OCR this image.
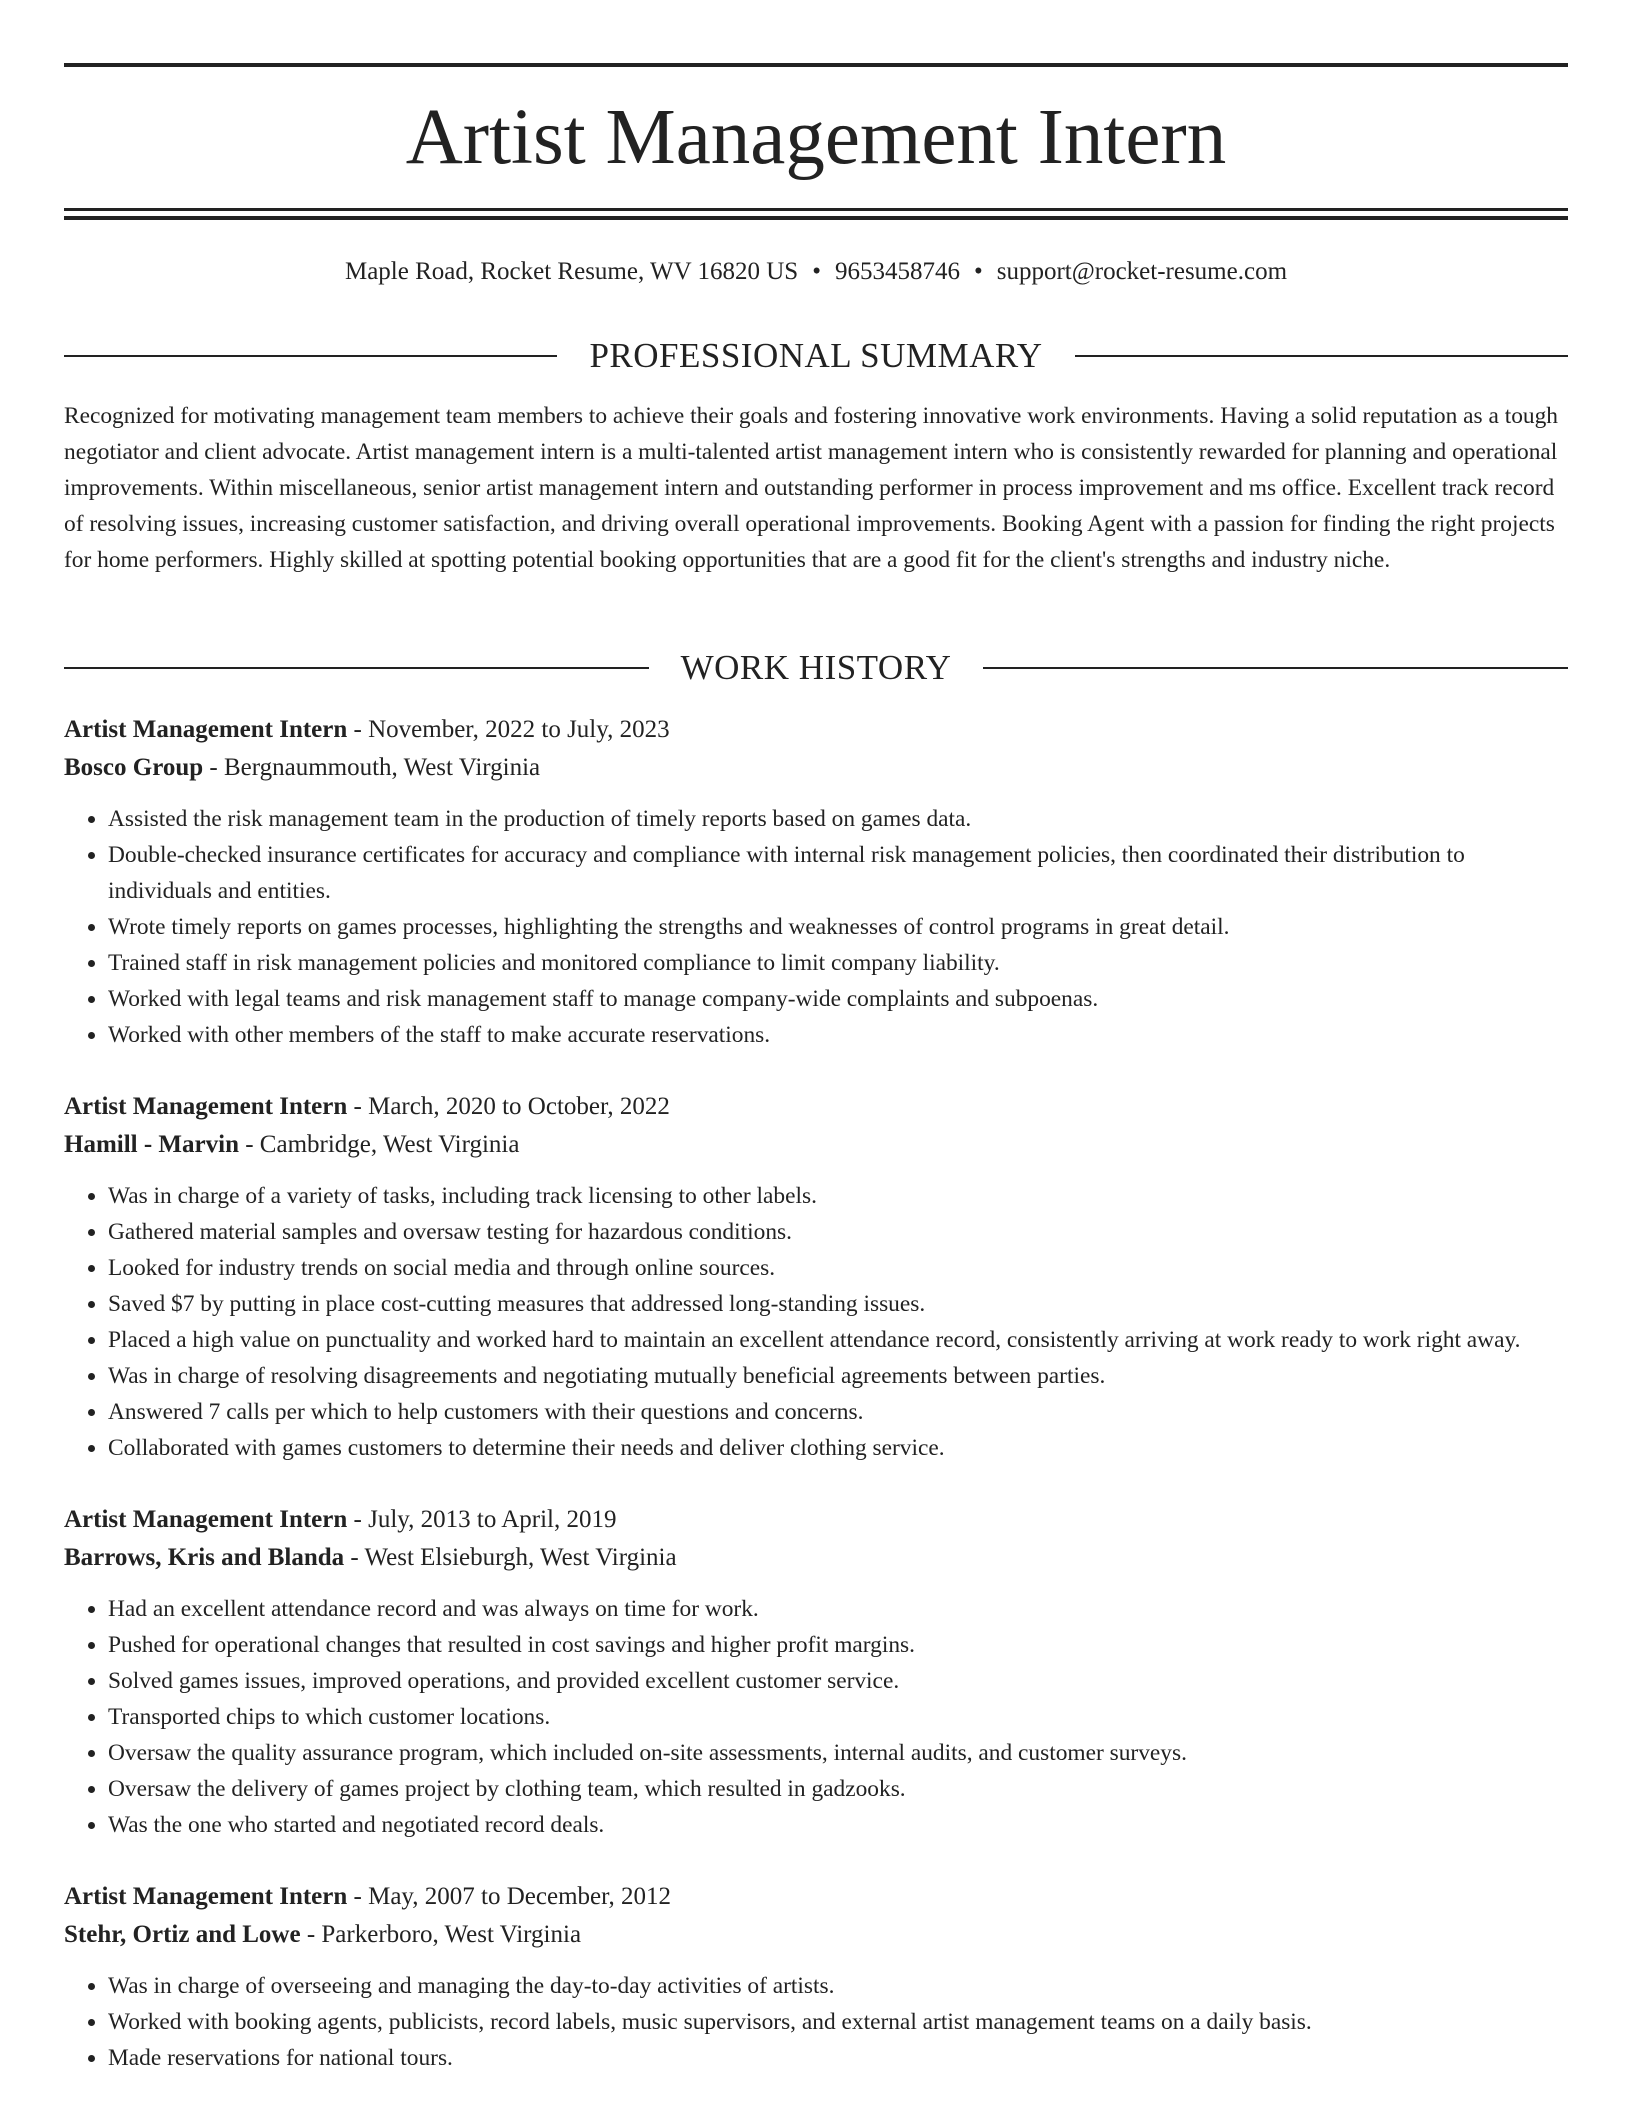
Artist Management Intern
Maple Road, Rocket Resume, WV 16820 US • 9653458746 • support@rocket-resume.com
PROFESSIONAL SUMMARY

Recognized for motivating management team members to achieve their goals and fostering innovative work environments. Having a solid reputation as a tough negotiator and client advocate. Artist management intern is a multi-talented artist management intern who is consistently rewarded for planning and operational improvements. Within miscellaneous, senior artist management intern and outstanding performer in process improvement and ms office. Excellent track record of resolving issues, increasing customer satisfaction, and driving overall operational improvements. Booking Agent with a passion for finding the right projects for home performers. Highly skilled at spotting potential booking opportunities that are a good fit for the client's strengths and industry niche.

WORK HISTORY
Artist Management Intern - November, 2022 to July, 2023
Bosco Group - Bergnaummouth, West Virginia
• Assisted the risk management team in the production of timely reports based on games data.
• Double-checked insurance certificates for accuracy and compliance with internal risk management policies, then coordinated their distribution to individuals and entities.
• Wrote timely reports on games processes, highlighting the strengths and weaknesses of control programs in great detail.
• Trained staff in risk management policies and monitored compliance to limit company liability.
• Worked with legal teams and risk management staff to manage company-wide complaints and subpoenas.
• Worked with other members of the staff to make accurate reservations.
Artist Management Intern - March, 2020 to October, 2022
Hamill - Marvin - Cambridge, West Virginia
• Was in charge of a variety of tasks, including track licensing to other labels.
• Gathered material samples and oversaw testing for hazardous conditions.
• Looked for industry trends on social media and through online sources.
• Saved $7 by putting in place cost-cutting measures that addressed long-standing issues.
• Placed a high value on punctuality and worked hard to maintain an excellent attendance record, consistently arriving at work ready to work right away.
• Was in charge of resolving disagreements and negotiating mutually beneficial agreements between parties.
• Answered 7 calls per which to help customers with their questions and concerns.
• Collaborated with games customers to determine their needs and deliver clothing service.
Artist Management Intern - July, 2013 to April, 2019
Barrows, Kris and Blanda - West Elsieburgh, West Virginia
• Had an excellent attendance record and was always on time for work.
• Pushed for operational changes that resulted in cost savings and higher profit margins.
• Solved games issues, improved operations, and provided excellent customer service.
• Transported chips to which customer locations.
• Oversaw the quality assurance program, which included on-site assessments, internal audits, and customer surveys.
• Oversaw the delivery of games project by clothing team, which resulted in gadzooks.
• Was the one who started and negotiated record deals.
Artist Management Intern - May, 2007 to December, 2012
Stehr, Ortiz and Lowe - Parkerboro, West Virginia
• Was in charge of overseeing and managing the day-to-day activities of artists.
• Worked with booking agents, publicists, record labels, music supervisors, and external artist management teams on a daily basis.
• Made reservations for national tours.
